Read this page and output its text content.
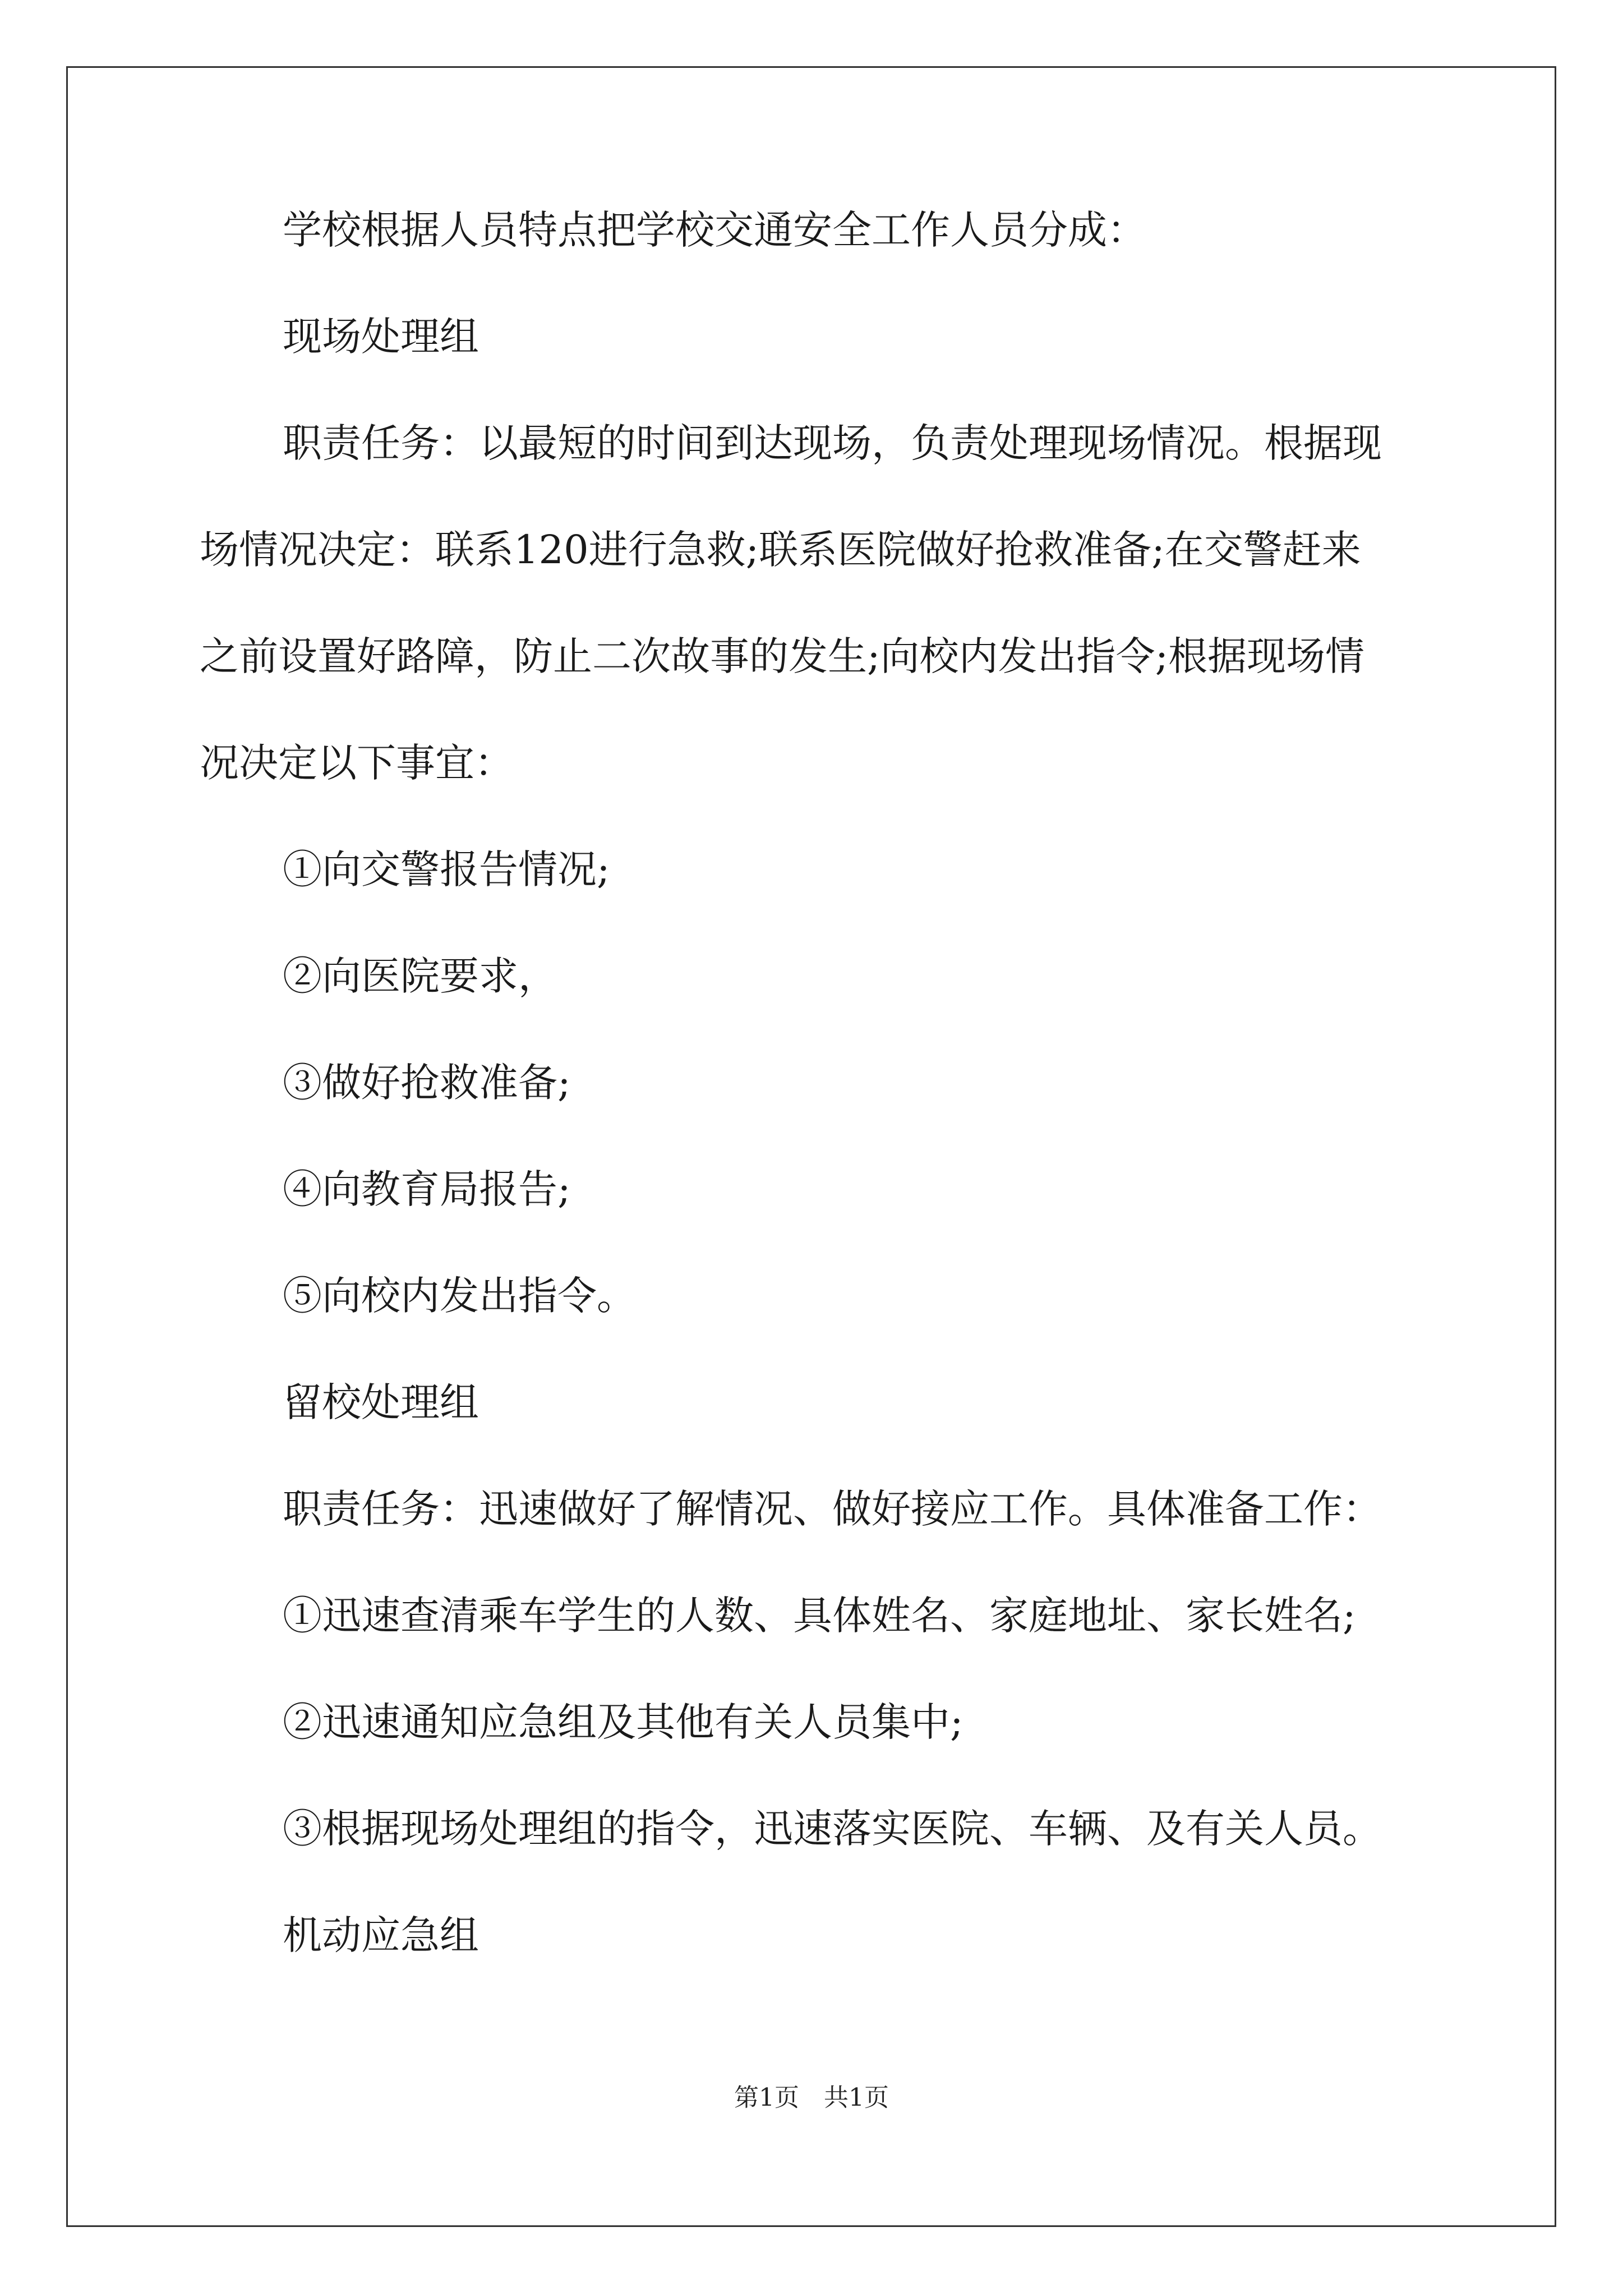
学校根据人员特点把学校交通安全工作人员分成：

现场处理组

职责任务：以最短的时间到达现场，负责处理现场情况。根据现
场情况决定：联系120进行急救;联系医院做好抢救准备;在交警赶来
之前设置好路障，防止二次故事的发生;向校内发出指令;根据现场情
况决定以下事宜：

①向交警报告情况;

②向医院要求，

③做好抢救准备;

④向教育局报告;

⑤向校内发出指令。

留校处理组

职责任务：迅速做好了解情况、做好接应工作。具体准备工作：

①迅速查清乘车学生的人数、具体姓名、家庭地址、家长姓名;

②迅速通知应急组及其他有关人员集中;

③根据现场处理组的指令，迅速落实医院、车辆、及有关人员。

机动应急组

第1页　共1页
